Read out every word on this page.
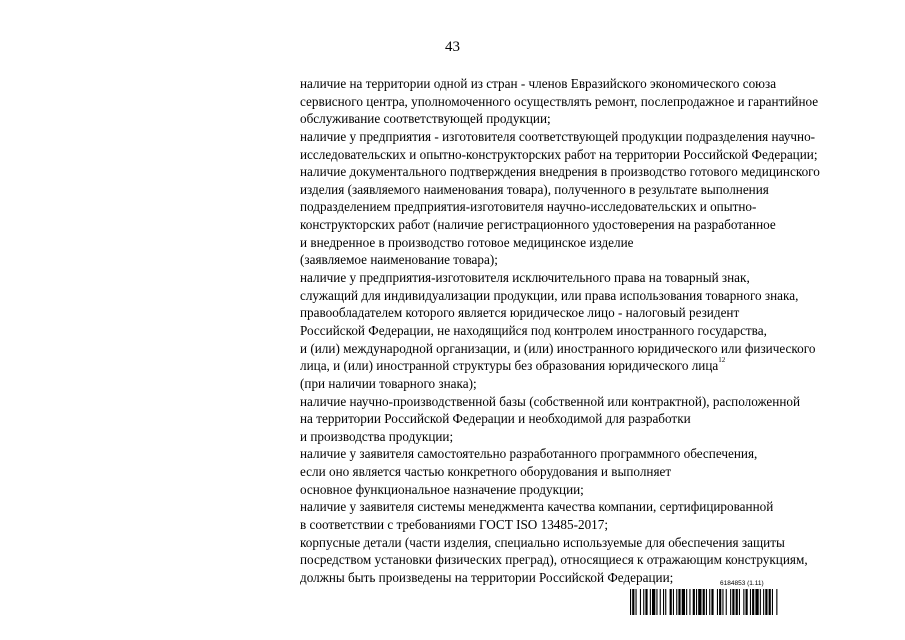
43
наличие на территории одной из стран - членов Евразийского экономического союза
сервисного центра, уполномоченного осуществлять ремонт, послепродажное и гарантийное
обслуживание соответствующей продукции;
наличие у предприятия - изготовителя соответствующей продукции подразделения научно-
исследовательских и опытно-конструкторских работ на территории Российской Федерации;
наличие документального подтверждения внедрения в производство готового медицинского
изделия (заявляемого наименования товара), полученного в результате выполнения
подразделением предприятия-изготовителя научно-исследовательских и опытно-
конструкторских работ (наличие регистрационного удостоверения на разработанное
и внедренное в производство готовое медицинское изделие
(заявляемое наименование товара);
наличие у предприятия-изготовителя исключительного права на товарный знак,
служащий для индивидуализации продукции, или права использования товарного знака,
правообладателем которого является юридическое лицо - налоговый резидент
Российской Федерации, не находящийся под контролем иностранного государства,
и (или) международной организации, и (или) иностранного юридического или физического
лица, и (или) иностранной структуры без образования юридического лица$^{12}$
(при наличии товарного знака);
наличие научно-производственной базы (собственной или контрактной), расположенной
на территории Российской Федерации и необходимой для разработки
и производства продукции;
наличие у заявителя самостоятельно разработанного программного обеспечения,
если оно является частью конкретного оборудования и выполняет
основное функциональное назначение продукции;
наличие у заявителя системы менеджмента качества компании, сертифицированной
в соответствии с требованиями ГОСТ ISO 13485-2017;
корпусные детали (части изделия, специально используемые для обеспечения защиты
посредством установки физических преград), относящиеся к отражающим конструкциям,
должны быть произведены на территории Российской Федерации;	6184853 (1.11)
